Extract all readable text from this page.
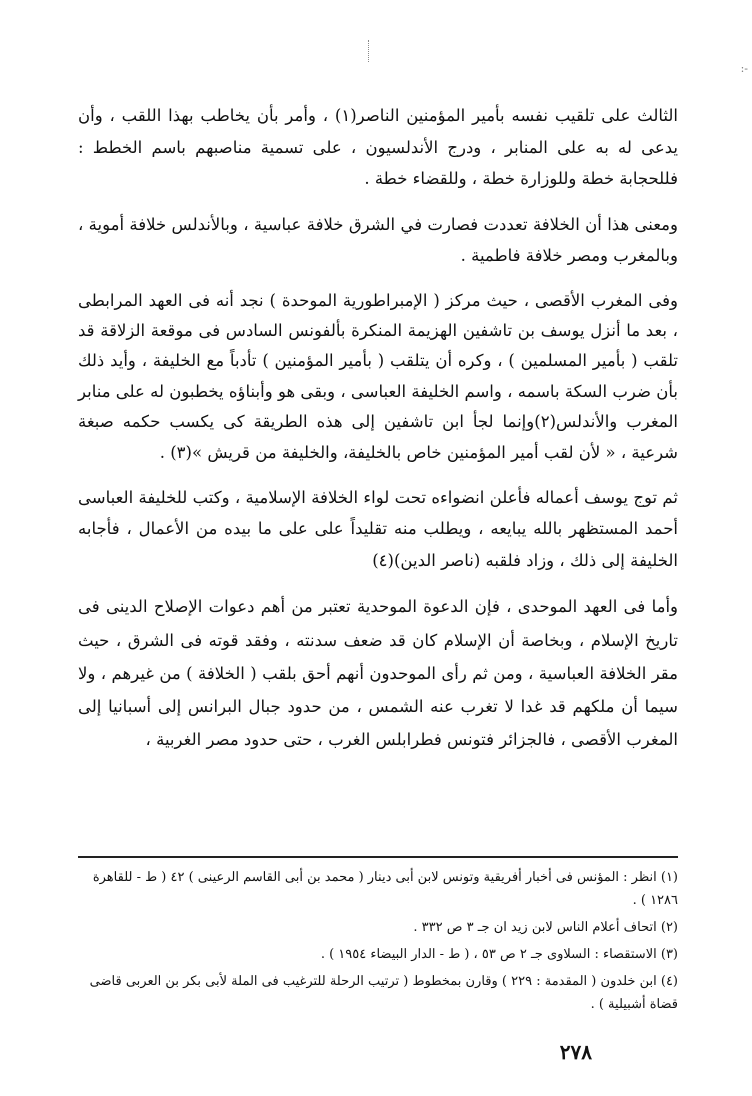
-:

الثالث على تلقيب نفسه بأمير المؤمنين الناصر(١) ، وأمر بأن يخاطب بهذا اللقب ، وأن يدعى له به على المنابر ، ودرج الأندلسيون ، على تسمية مناصبهم باسم الخطط : فللحجابة خطة وللوزارة خطة ، وللقضاء خطة .

ومعنى هذا أن الخلافة تعددت فصارت في الشرق خلافة عباسية ، وبالأندلس خلافة أموية ، وبالمغرب ومصر خلافة فاطمية .

وفى المغرب الأقصى ، حيث مركز ( الإمبراطورية الموحدة ) نجد أنه فى العهد المرابطى ، بعد ما أنزل يوسف بن تاشفين الهزيمة المنكرة بألفونس السادس فى موقعة الزلاقة قد تلقب ( بأمير المسلمين ) ، وكره أن يتلقب ( بأمير المؤمنين ) تأدباً مع الخليفة ، وأيد ذلك بأن ضرب السكة باسمه ، واسم الخليفة العباسى ، وبقى هو وأبناؤه يخطبون له على منابر المغرب والأندلس(٢)وإنما لجأ ابن تاشفين إلى هذه الطريقة كى يكسب حكمه صبغة شرعية ، « لأن لقب أمير المؤمنين خاص بالخليفة، والخليفة من قريش »(٣) .

ثم توج يوسف أعماله فأعلن انضواءه تحت لواء الخلافة الإسلامية ، وكتب للخليفة العباسى أحمد المستظهر بالله يبايعه ، ويطلب منه تقليداً على على ما بيده من الأعمال ، فأجابه الخليفة إلى ذلك ، وزاد فلقبه (ناصر الدين)(٤)

وأما فى العهد الموحدى ، فإن الدعوة الموحدية تعتبر من أهم دعوات الإصلاح الدينى فى تاريخ الإسلام ، وبخاصة أن الإسلام كان قد ضعف سدنته ، وفقد قوته فى الشرق ، حيث مقر الخلافة العباسية ، ومن ثم رأى الموحدون أنهم أحق بلقب ( الخلافة ) من غيرهم ، ولا سيما أن ملكهم قد غدا لا تغرب عنه الشمس ، من حدود جبال البرانس إلى أسبانيا إلى المغرب الأقصى ، فالجزائر فتونس فطرابلس الغرب ، حتى حدود مصر الغربية ،

(١) انظر : المؤنس فى أخبار أفريقية وتونس لابن أبى دينار ( محمد بن أبى القاسم الرعينى ) ٤٢ ( ط - للقاهرة ١٢٨٦ ) .

(٢) اتحاف أعلام الناس لابن زيد ان جـ ٣ ص ٣٣٢ .

(٣) الاستقصاء : السلاوى جـ ٢ ص ٥٣ ، ( ط - الدار البيضاء ١٩٥٤ ) .

(٤) ابن خلدون ( المقدمة : ٢٢٩ ) وقارن بمخطوط ( ترتيب الرحلة للترغيب فى الملة لأبى بكر بن العربى قاضى قضاة أشبيلية ) .

٢٧٨
